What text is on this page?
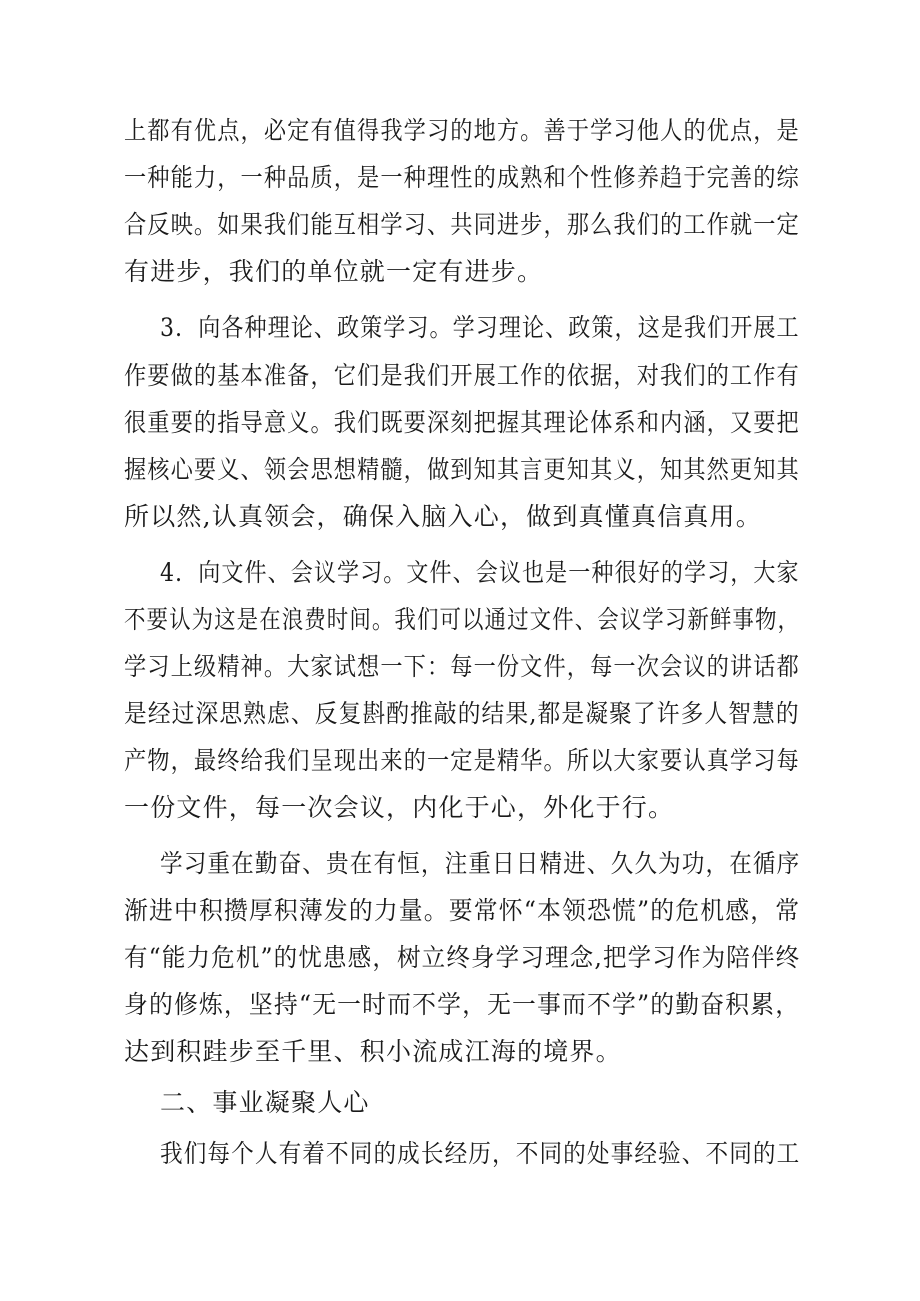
上都有优点，必定有值得我学习的地方。善于学习他人的优点，是
一种能力，一种品质，是一种理性的成熟和个性修养趋于完善的综
合反映。如果我们能互相学习、共同进步，那么我们的工作就一定
有进步，我们的单位就一定有进步。
3．向各种理论、政策学习。学习理论、政策，这是我们开展工
作要做的基本准备，它们是我们开展工作的依据，对我们的工作有
很重要的指导意义。我们既要深刻把握其理论体系和内涵，又要把
握核心要义、领会思想精髓，做到知其言更知其义，知其然更知其
所以然,认真领会，确保入脑入心，做到真懂真信真用。
4．向文件、会议学习。文件、会议也是一种很好的学习，大家
不要认为这是在浪费时间。我们可以通过文件、会议学习新鲜事物，
学习上级精神。大家试想一下：每一份文件，每一次会议的讲话都
是经过深思熟虑、反复斟酌推敲的结果,都是凝聚了许多人智慧的
产物，最终给我们呈现出来的一定是精华。所以大家要认真学习每
一份文件，每一次会议，内化于心，外化于行。
学习重在勤奋、贵在有恒，注重日日精进、久久为功，在循序
渐进中积攒厚积薄发的力量。要常怀“本领恐慌”的危机感，常
有“能力危机”的忧患感，树立终身学习理念,把学习作为陪伴终
身的修炼，坚持“无一时而不学，无一事而不学”的勤奋积累，
达到积跬步至千里、积小流成江海的境界。
二、事业凝聚人心
我们每个人有着不同的成长经历，不同的处事经验、不同的工
